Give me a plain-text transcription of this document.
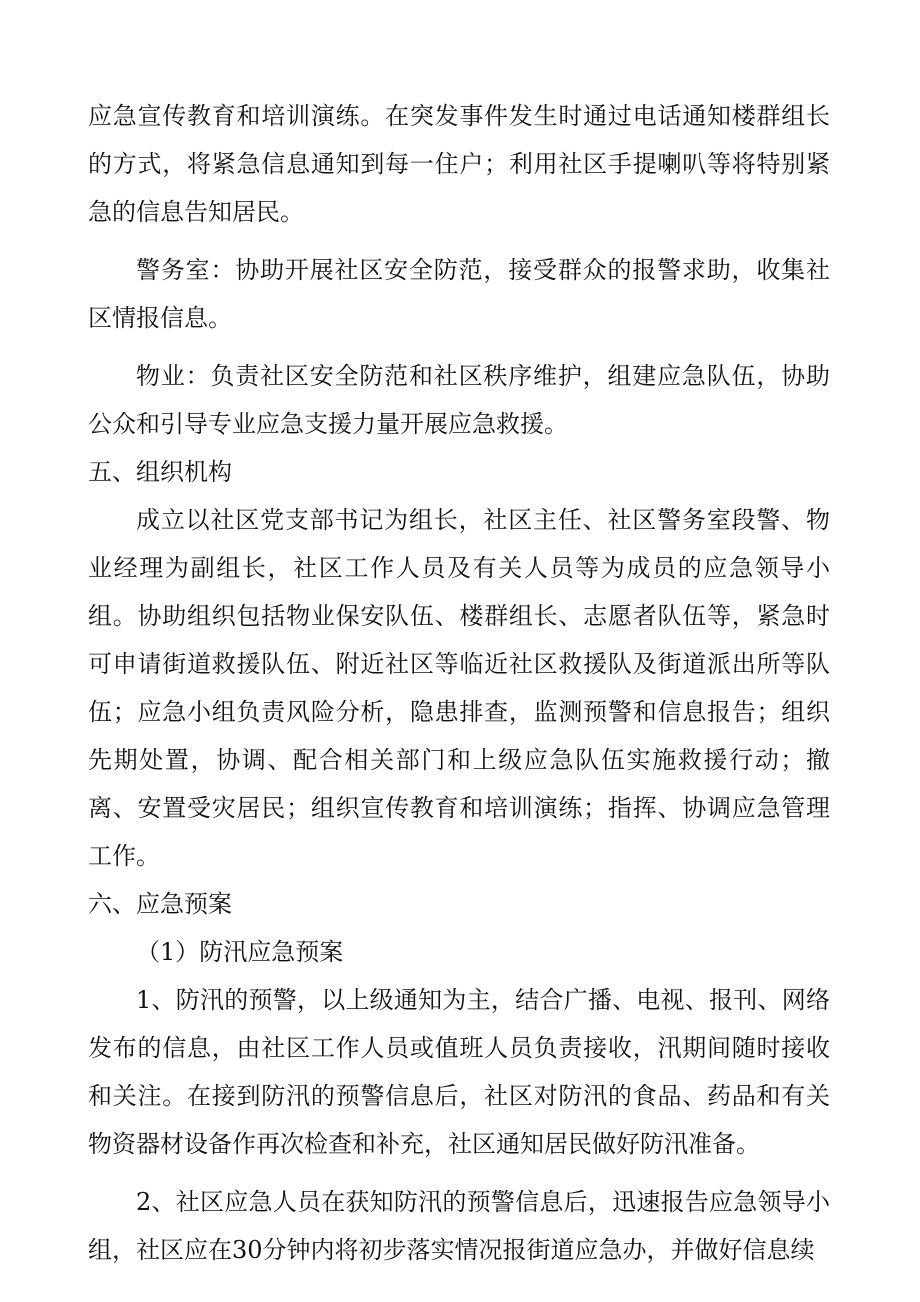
应急宣传教育和培训演练。在突发事件发生时通过电话通知楼群组长的方式，将紧急信息通知到每一住户；利用社区手提喇叭等将特别紧急的信息告知居民。

警务室：协助开展社区安全防范，接受群众的报警求助，收集社区情报信息。

物业：负责社区安全防范和社区秩序维护，组建应急队伍，协助公众和引导专业应急支援力量开展应急救援。

五、组织机构

成立以社区党支部书记为组长，社区主任、社区警务室段警、物业经理为副组长，社区工作人员及有关人员等为成员的应急领导小组。协助组织包括物业保安队伍、楼群组长、志愿者队伍等，紧急时可申请街道救援队伍、附近社区等临近社区救援队及街道派出所等队伍；应急小组负责风险分析，隐患排查，监测预警和信息报告；组织先期处置，协调、配合相关部门和上级应急队伍实施救援行动；撤离、安置受灾居民；组织宣传教育和培训演练；指挥、协调应急管理工作。

六、应急预案

（1）防汛应急预案

1、防汛的预警，以上级通知为主，结合广播、电视、报刊、网络发布的信息，由社区工作人员或值班人员负责接收，汛期间随时接收和关注。在接到防汛的预警信息后，社区对防汛的食品、药品和有关物资器材设备作再次检查和补充，社区通知居民做好防汛准备。

2、社区应急人员在获知防汛的预警信息后，迅速报告应急领导小组，社区应在30分钟内将初步落实情况报街道应急办，并做好信息续
